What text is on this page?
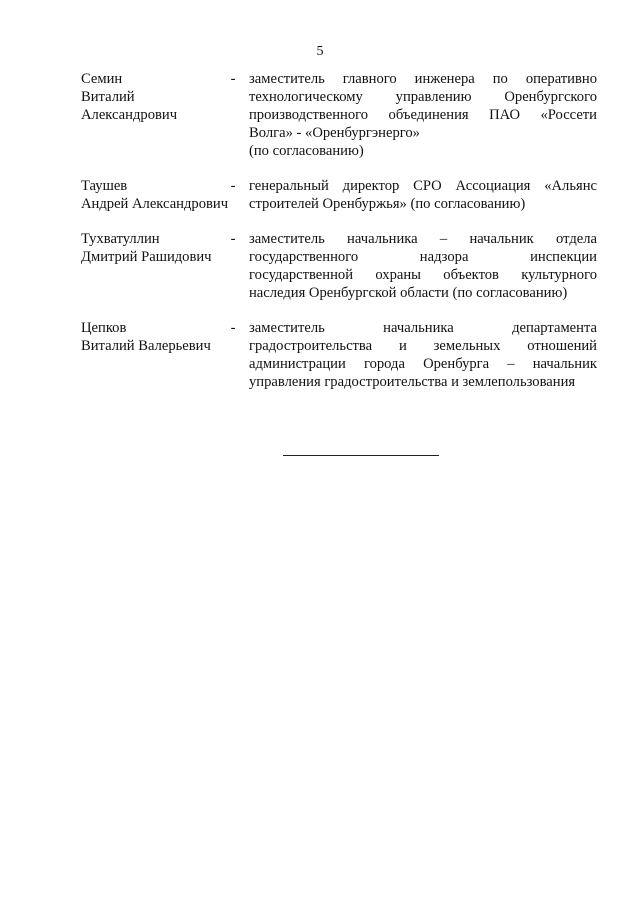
5
Семин
Виталий
Александрович
- заместитель главного инженера по оперативно
технологическому управлению Оренбургского
производственного объединения ПАО «Россети
Волга» - «Оренбургэнерго»
(по согласованию)
Таушев
Андрей Александрович
- генеральный директор СРО Ассоциация «Альянс
строителей Оренбуржья» (по согласованию)
Тухватуллин
Дмитрий Рашидович
- заместитель начальника – начальник отдела
государственного надзора инспекции
государственной охраны объектов культурного
наследия Оренбургской области (по согласованию)
Цепков
Виталий Валерьевич
- заместитель начальника департамента
градостроительства и земельных отношений
администрации города Оренбурга – начальник
управления градостроительства и землепользования
